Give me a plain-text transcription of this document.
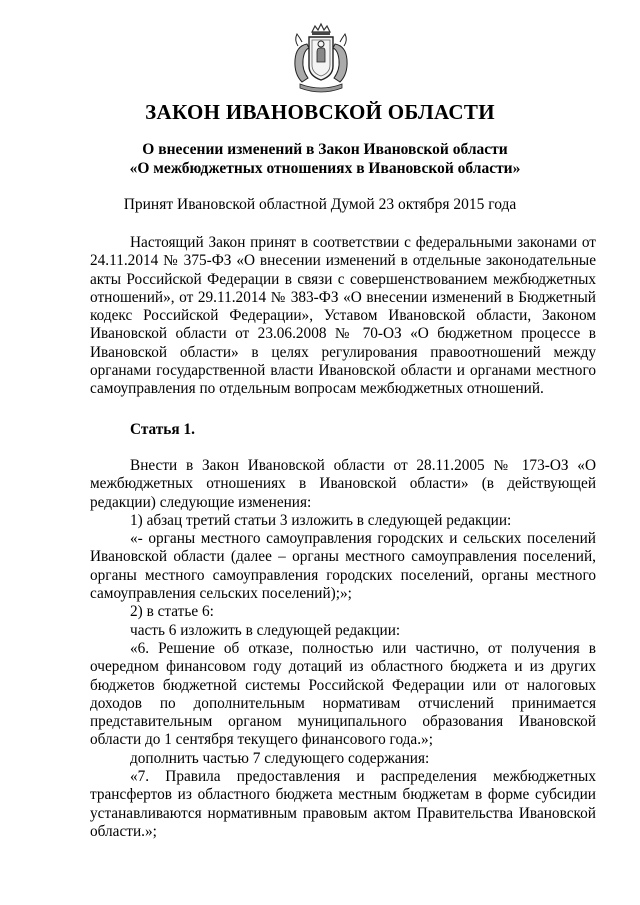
ЗАКОН ИВАНОВСКОЙ ОБЛАСТИ
О внесении изменений в Закон Ивановской области
«О межбюджетных отношениях в Ивановской области»

Принят Ивановской областной Думой 23 октября 2015 года

Настоящий Закон принят в соответствии с федеральными законами от 24.11.2014 № 375-ФЗ «О внесении изменений в отдельные законодательные акты Российской Федерации в связи с совершенствованием межбюджетных отношений», от 29.11.2014 № 383-ФЗ «О внесении изменений в Бюджетный кодекс Российской Федерации», Уставом Ивановской области, Законом Ивановской области от 23.06.2008 № 70-ОЗ «О бюджетном процессе в Ивановской области» в целях регулирования правоотношений между органами государственной власти Ивановской области и органами местного самоуправления по отдельным вопросам межбюджетных отношений.

Статья 1.

Внести в Закон Ивановской области от 28.11.2005 № 173-ОЗ «О межбюджетных отношениях в Ивановской области» (в действующей редакции) следующие изменения:

1) абзац третий статьи 3 изложить в следующей редакции:

«- органы местного самоуправления городских и сельских поселений Ивановской области (далее – органы местного самоуправления поселений, органы местного самоуправления городских поселений, органы местного самоуправления сельских поселений);»;

2) в статье 6:

часть 6 изложить в следующей редакции:

«6. Решение об отказе, полностью или частично, от получения в очередном финансовом году дотаций из областного бюджета и из других бюджетов бюджетной системы Российской Федерации или от налоговых доходов по дополнительным нормативам отчислений принимается представительным органом муниципального образования Ивановской области до 1 сентября текущего финансового года.»;

дополнить частью 7 следующего содержания:

«7. Правила предоставления и распределения межбюджетных трансфертов из областного бюджета местным бюджетам в форме субсидии устанавливаются нормативным правовым актом Правительства Ивановской области.»;
